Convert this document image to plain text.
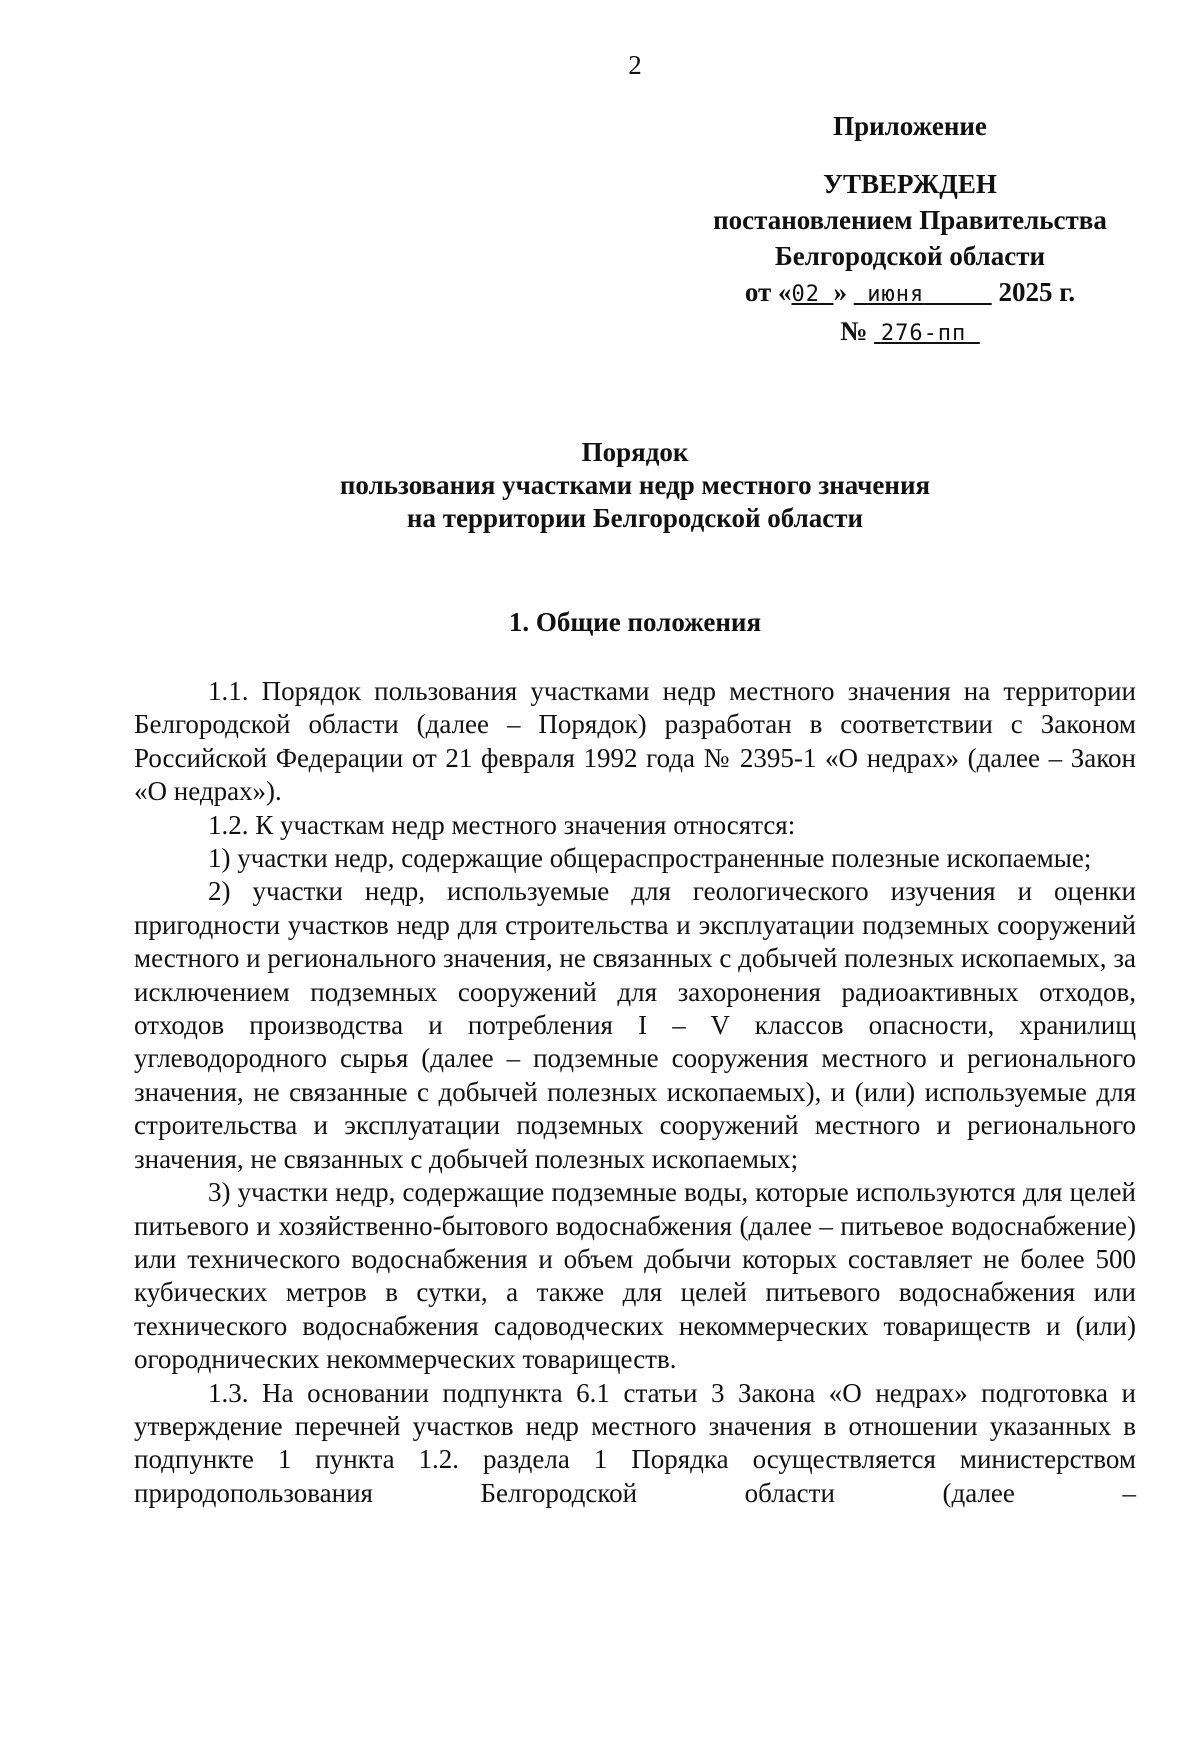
2
Приложение
УТВЕРЖДЕН
постановлением Правительства
Белгородской области
от «02 » июня	2025 г.
№ 276-пп
Порядок
пользования участками недр местного значения
на территории Белгородской области
1. Общие положения

1.1. Порядок пользования участками недр местного значения на территории Белгородской области (далее – Порядок) разработан в соответствии с Законом Российской Федерации от 21 февраля 1992 года № 2395-1 «О недрах» (далее – Закон «О недрах»).

1.2. К участкам недр местного значения относятся:

1) участки недр, содержащие общераспространенные полезные ископаемые;

2) участки недр, используемые для геологического изучения и оценки пригодности участков недр для строительства и эксплуатации подземных сооружений местного и регионального значения, не связанных с добычей полезных ископаемых, за исключением подземных сооружений для захоронения радиоактивных отходов, отходов производства и потребления I – V классов опасности, хранилищ углеводородного сырья (далее – подземные сооружения местного и регионального значения, не связанные с добычей полезных ископаемых), и (или) используемые для строительства и эксплуатации подземных сооружений местного и регионального значения, не связанных с добычей полезных ископаемых;

3) участки недр, содержащие подземные воды, которые используются для целей питьевого и хозяйственно-бытового водоснабжения (далее – питьевое водоснабжение) или технического водоснабжения и объем добычи которых составляет не более 500 кубических метров в сутки, а также для целей питьевого водоснабжения или технического водоснабжения садоводческих некоммерческих товариществ и (или) огороднических некоммерческих товариществ.

1.3. На основании подпункта 6.1 статьи 3 Закона «О недрах» подготовка и утверждение перечней участков недр местного значения в отношении указанных в подпункте 1 пункта 1.2. раздела 1 Порядка осуществляется министерством природопользования Белгородской области (далее –
